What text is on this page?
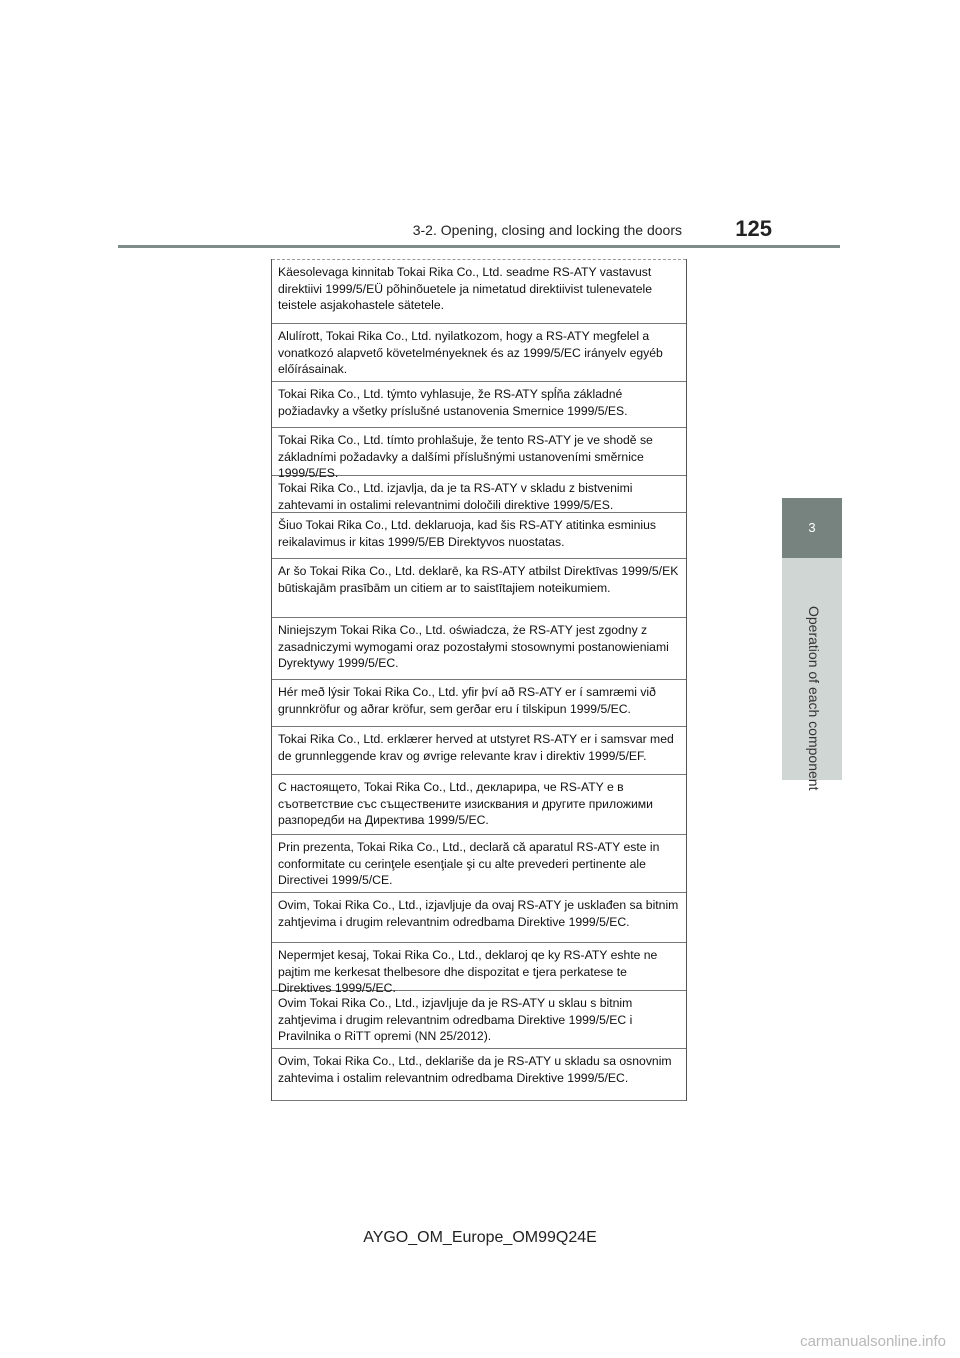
3-2. Opening, closing and locking the doors 125
3
Operation of each component
Käesolevaga kinnitab Tokai Rika Co., Ltd. seadme RS-ATY vastavust direktiivi 1999/5/EÜ põhinõuetele ja nimetatud direktiivist tulenevatele teistele asjakohastele sätetele.
Alulírott, Tokai Rika Co., Ltd. nyilatkozom, hogy a RS-ATY megfelel a vonatkozó alapvető követelményeknek és az 1999/5/EC irányelv egyéb előírásainak.
Tokai Rika Co., Ltd. týmto vyhlasuje, že RS-ATY spĺňa základné požiadavky a všetky príslušné ustanovenia Smernice 1999/5/ES.
Tokai Rika Co., Ltd. tímto prohlašuje, že tento RS-ATY je ve shodě se základními požadavky a dalšími příslušnými ustanoveními směrnice 1999/5/ES.
Tokai Rika Co., Ltd. izjavlja, da je ta RS-ATY v skladu z bistvenimi zahtevami in ostalimi relevantnimi določili direktive 1999/5/ES.
Šiuo Tokai Rika Co., Ltd. deklaruoja, kad šis RS-ATY atitinka esminius reikalavimus ir kitas 1999/5/EB Direktyvos nuostatas.
Ar šo Tokai Rika Co., Ltd. deklarē, ka RS-ATY atbilst Direktīvas 1999/5/EK būtiskajām prasībām un citiem ar to saistītajiem noteikumiem.
Niniejszym Tokai Rika Co., Ltd. oświadcza, że RS-ATY jest zgodny z zasadniczymi wymogami oraz pozostałymi stosownymi postanowieniami Dyrektywy 1999/5/EC.
Hér með lýsir Tokai Rika Co., Ltd. yfir því að RS-ATY er í samræmi við grunnkröfur og aðrar kröfur, sem gerðar eru í tilskipun 1999/5/EC.
Tokai Rika Co., Ltd. erklærer herved at utstyret RS-ATY er i samsvar med de grunnleggende krav og øvrige relevante krav i direktiv 1999/5/EF.
С настоящето, Tokai Rika Co., Ltd., декларира, че RS-ATY е в съответствие със съществените изисквания и другите приложими разпоредби на Директива 1999/5/ЕС.
Prin prezenta, Tokai Rika Co., Ltd., declară că aparatul RS-ATY este in conformitate cu cerinţele esenţiale şi cu alte prevederi pertinente ale Directivei 1999/5/CE.
Ovim, Tokai Rika Co., Ltd., izjavljuje da ovaj RS-ATY je usklađen sa bitnim zahtjevima i drugim relevantnim odredbama Direktive 1999/5/EC.
Nepermjet kesaj, Tokai Rika Co., Ltd., deklaroj qe ky RS-ATY eshte ne pajtim me kerkesat thelbesore dhe dispozitat e tjera perkatese te Direktives 1999/5/EC.
Ovim Tokai Rika Co., Ltd., izjavljuje da je RS-ATY u sklau s bitnim zahtjevima i drugim relevantnim odredbama Direktive 1999/5/EC i Pravilnika o RiTT opremi (NN 25/2012).
Ovim, Tokai Rika Co., Ltd., deklariše da je RS-ATY u skladu sa osnovnim zahtevima i ostalim relevantnim odredbama Direktive 1999/5/EC.
AYGO_OM_Europe_OM99Q24E
carmanualsonline.info
